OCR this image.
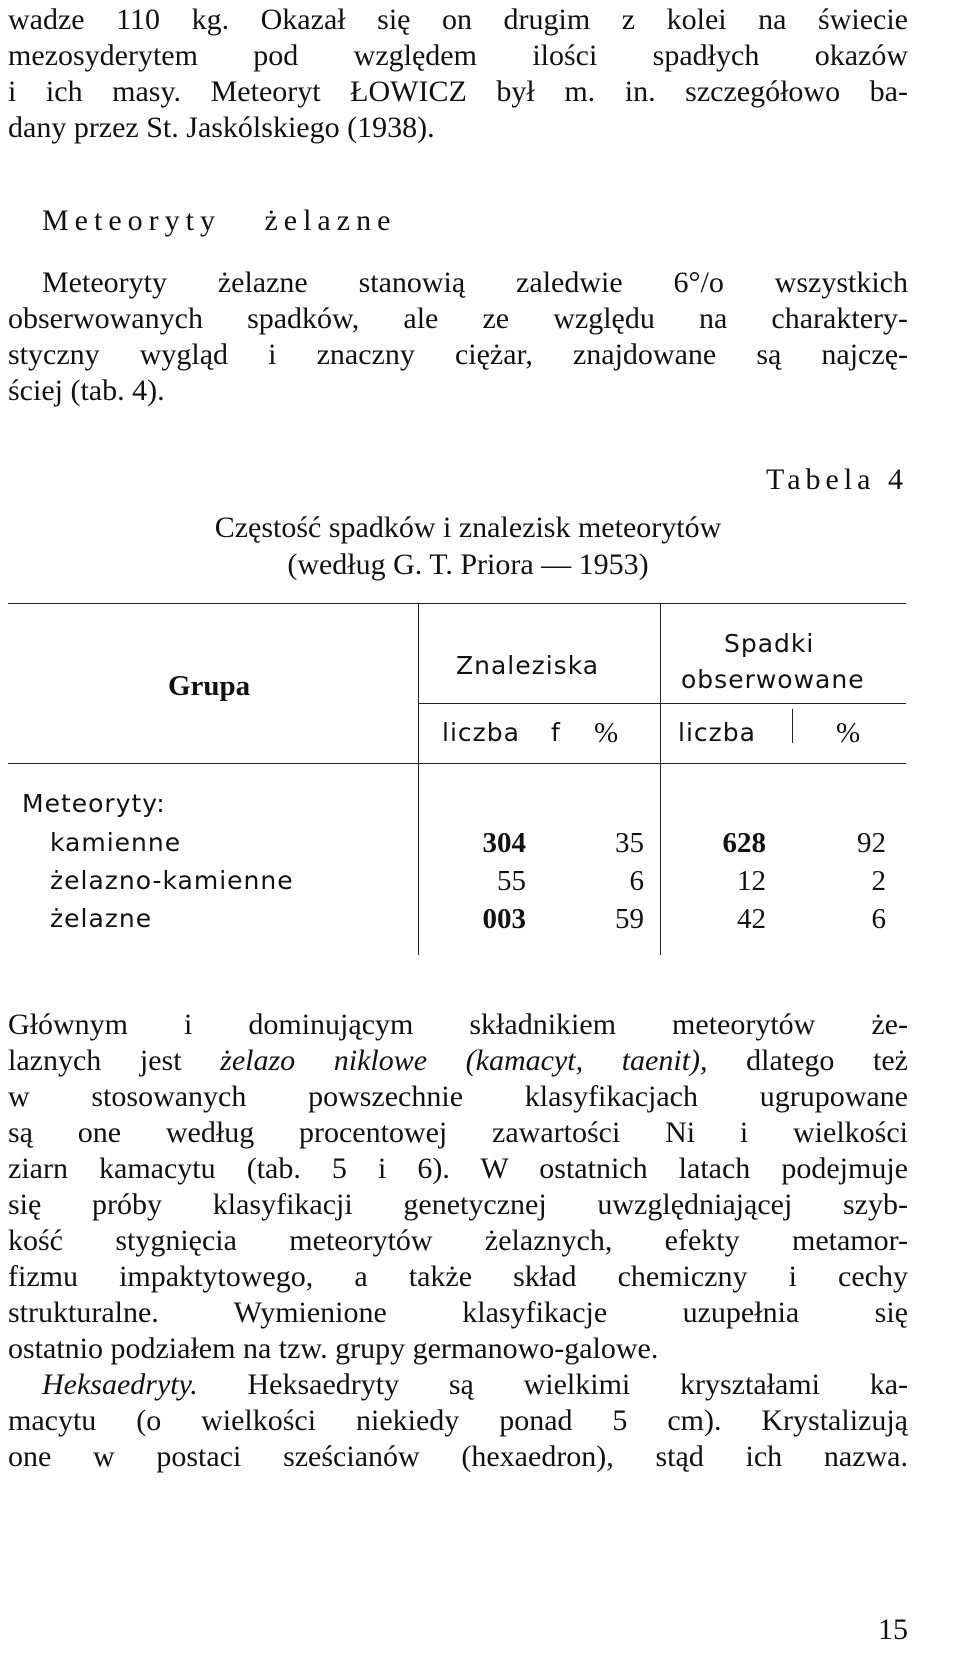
wadze 110 kg. Okazał się on drugim z kolei na świecie
mezosyderytem pod względem ilości spadłych okazów
i ich masy. Meteoryt ŁOWICZ był m. in. szczegółowo ba-
dany przez St. Jaskólskiego (1938).
Meteoryty żelazne
Meteoryty żelazne stanowią zaledwie 6°/o wszystkich
obserwowanych spadków, ale ze względu na charaktery-
styczny wygląd i znaczny ciężar, znajdowane są najczę-
ściej (tab. 4).
Tabela 4
Częstość spadków i znalezisk meteorytów
(według G. T. Priora — 1953)
Grupa
Znaleziska
Spadki
obserwowane
liczba f % liczba	%
Meteoryty:
kamienne	304	35	628	92
żelazno-kamienne	55	6	12	2
żelazne	003	59	42	6
Głównym i dominującym składnikiem meteorytów że-
laznych jest żelazo niklowe (kamacyt, taenit), dlatego też
w stosowanych powszechnie klasyfikacjach ugrupowane
są one według procentowej zawartości Ni i wielkości
ziarn kamacytu (tab. 5 i 6). W ostatnich latach podejmuje
się próby klasyfikacji genetycznej uwzględniającej szyb-
kość stygnięcia meteorytów żelaznych, efekty metamor-
fizmu impaktytowego, a także skład chemiczny i cechy
strukturalne. Wymienione klasyfikacje uzupełnia się
ostatnio podziałem na tzw. grupy germanowo-galowe.
Heksaedryty. Heksaedryty są wielkimi kryształami ka-
macytu (o wielkości niekiedy ponad 5 cm). Krystalizują
one w postaci sześcianów (hexaedron), stąd ich nazwa.
15
